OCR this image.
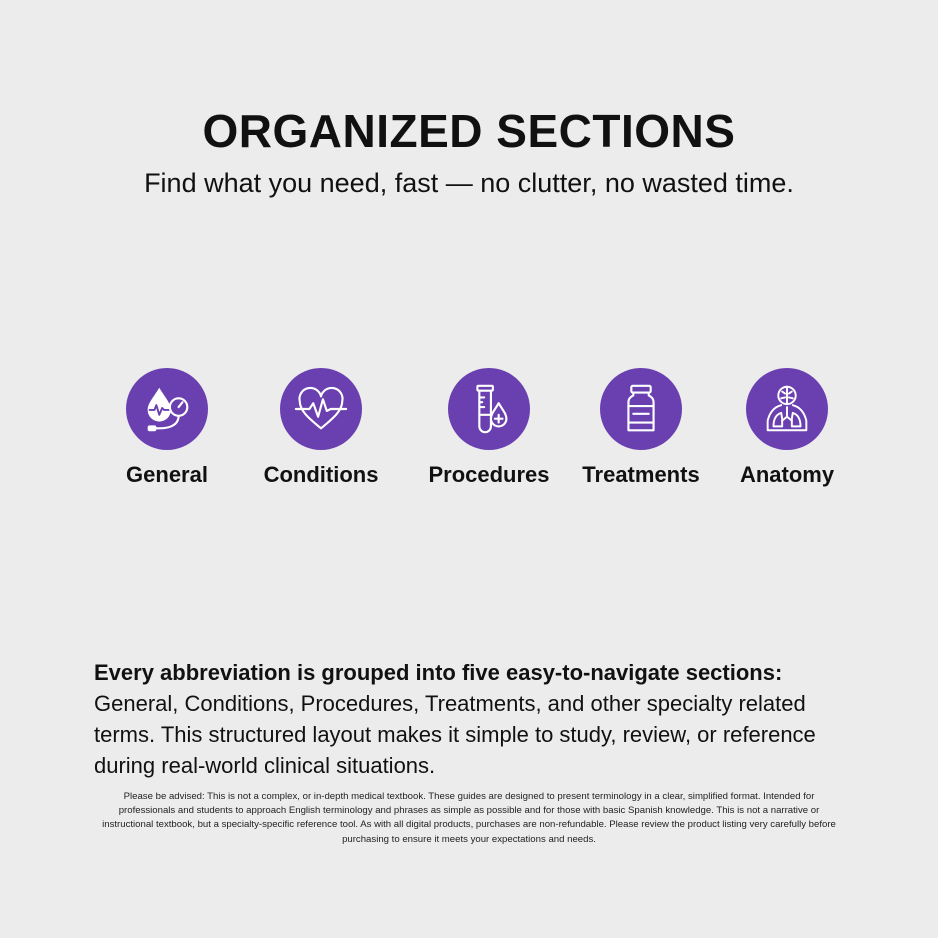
ORGANIZED SECTIONS

Find what you need, fast — no clutter, no wasted time.

General	Conditions Procedures Treatments Anatomy

Every abbreviation is grouped into five easy-to-navigate sections: General, Conditions, Procedures, Treatments, and other specialty related terms. This structured layout makes it simple to study, review, or reference during real-world clinical situations.

Please be advised: This is not a complex, or in-depth medical textbook. These guides are designed to present terminology in a clear, simplified format. Intended for professionals and students to approach English terminology and phrases as simple as possible and for those with basic Spanish knowledge. This is not a narrative or instructional textbook, but a specialty-specific reference tool. As with all digital products, purchases are non-refundable. Please review the product listing very carefully before purchasing to ensure it meets your expectations and needs.
